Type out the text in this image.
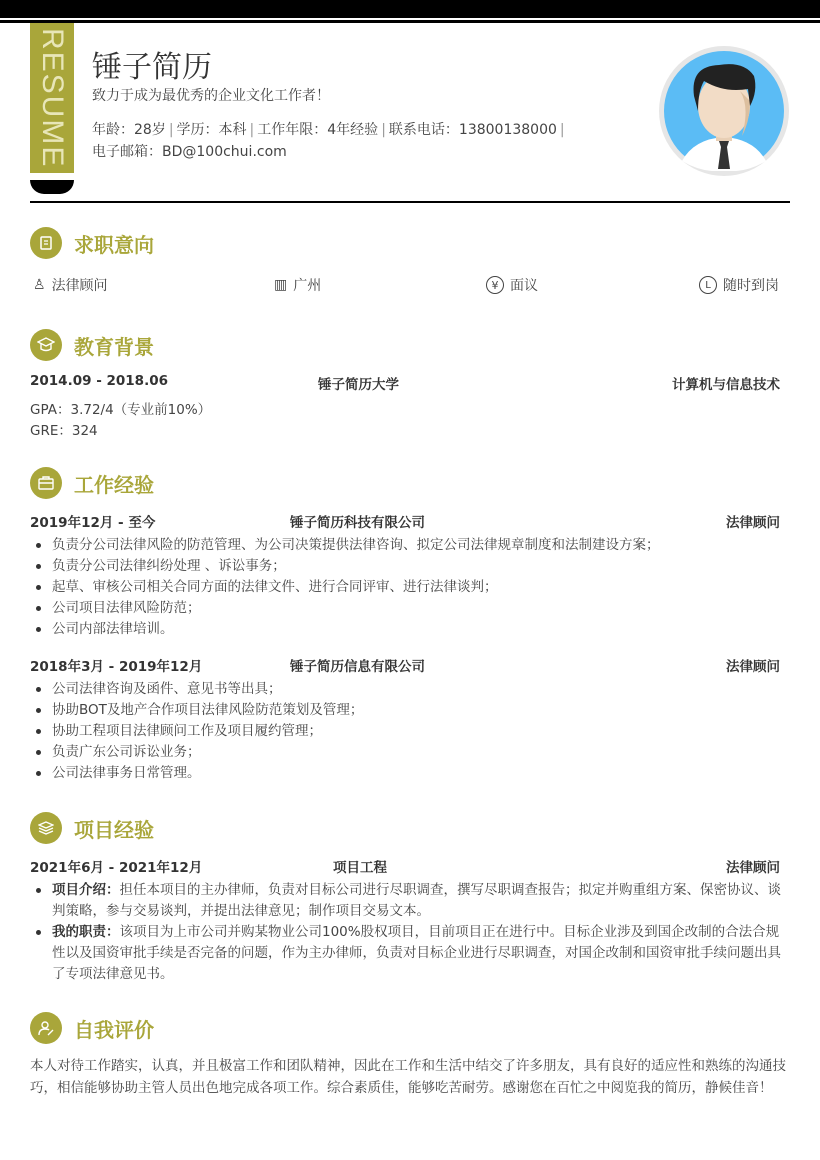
RESUME 锤子简历
致力于成为最优秀的企业文化工作者！
年龄：28岁 | 学历：本科 | 工作年限：4年经验 | 联系电话：13800138000 |
电子邮箱：BD@100chui.com
求职意向
♙ 法律顾问	▥ 广州	¥ 面议	L 随时到岗
教育背景
2014.09 - 2018.06	锤子简历大学	计算机与信息技术
GPA：3.72/4（专业前10%）
GRE：324
工作经验
2019年12月 - 至今	锤子简历科技有限公司	法律顾问
负责分公司法律风险的防范管理、为公司决策提供法律咨询、拟定公司法律规章制度和法制建设方案；
负责分公司法律纠纷处理 、诉讼事务；
起草、审核公司相关合同方面的法律文件、进行合同评审、进行法律谈判；
公司项目法律风险防范；
公司内部法律培训。
2018年3月 - 2019年12月	锤子简历信息有限公司	法律顾问
公司法律咨询及函件、意见书等出具；
协助BOT及地产合作项目法律风险防范策划及管理；
协助工程项目法律顾问工作及项目履约管理；
负责广东公司诉讼业务；
公司法律事务日常管理。
项目经验
2021年6月 - 2021年12月	项目工程	法律顾问
项目介绍：担任本项目的主办律师，负责对目标公司进行尽职调查，撰写尽职调查报告；拟定并购重组方案、保密协议、谈判策略，参与交易谈判，并提出法律意见；制作项目交易文本。
我的职责：该项目为上市公司并购某物业公司100%股权项目，目前项目正在进行中。目标企业涉及到国企改制的合法合规性以及国资审批手续是否完备的问题，作为主办律师，负责对目标企业进行尽职调查，对国企改制和国资审批手续问题出具了专项法律意见书。
自我评价
本人对待工作踏实，认真，并且极富工作和团队精神，因此在工作和生活中结交了许多朋友，具有良好的适应性和熟练的沟通技巧，相信能够协助主管人员出色地完成各项工作。综合素质佳，能够吃苦耐劳。感谢您在百忙之中阅览我的简历，静候佳音！
